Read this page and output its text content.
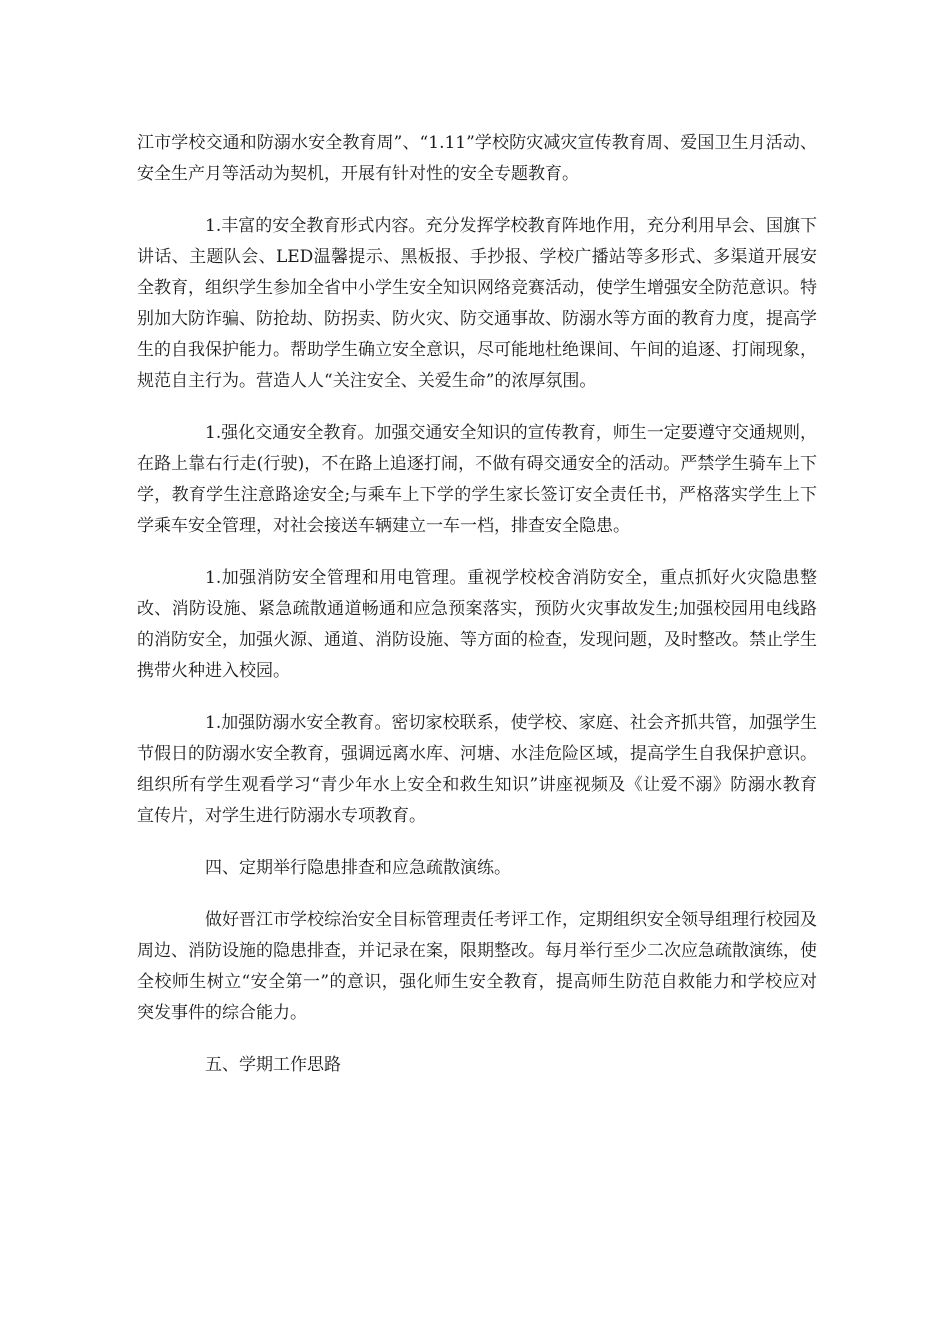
江市学校交通和防溺水安全教育周”、“1.11”学校防灾减灾宣传教育周、爱国卫生月活动、安全生产月等活动为契机，开展有针对性的安全专题教育。

1.丰富的安全教育形式内容。充分发挥学校教育阵地作用，充分利用早会、国旗下讲话、主题队会、LED温馨提示、黑板报、手抄报、学校广播站等多形式、多渠道开展安全教育，组织学生参加全省中小学生安全知识网络竞赛活动，使学生增强安全防范意识。特别加大防诈骗、防抢劫、防拐卖、防火灾、防交通事故、防溺水等方面的教育力度，提高学生的自我保护能力。帮助学生确立安全意识，尽可能地杜绝课间、午间的追逐、打闹现象，规范自主行为。营造人人“关注安全、关爱生命”的浓厚氛围。

1.强化交通安全教育。加强交通安全知识的宣传教育，师生一定要遵守交通规则，在路上靠右行走(行驶)，不在路上追逐打闹，不做有碍交通安全的活动。严禁学生骑车上下学，教育学生注意路途安全;与乘车上下学的学生家长签订安全责任书，严格落实学生上下学乘车安全管理，对社会接送车辆建立一车一档，排查安全隐患。

1.加强消防安全管理和用电管理。重视学校校舍消防安全，重点抓好火灾隐患整改、消防设施、紧急疏散通道畅通和应急预案落实，预防火灾事故发生;加强校园用电线路的消防安全，加强火源、通道、消防设施、等方面的检查，发现问题，及时整改。禁止学生携带火种进入校园。

1.加强防溺水安全教育。密切家校联系，使学校、家庭、社会齐抓共管，加强学生节假日的防溺水安全教育，强调远离水库、河塘、水洼危险区域，提高学生自我保护意识。组织所有学生观看学习“青少年水上安全和救生知识”讲座视频及《让爱不溺》防溺水教育宣传片，对学生进行防溺水专项教育。

四、定期举行隐患排查和应急疏散演练。

做好晋江市学校综治安全目标管理责任考评工作，定期组织安全领导组理行校园及周边、消防设施的隐患排查，并记录在案，限期整改。每月举行至少二次应急疏散演练，使全校师生树立“安全第一”的意识，强化师生安全教育，提高师生防范自救能力和学校应对突发事件的综合能力。

五、学期工作思路
